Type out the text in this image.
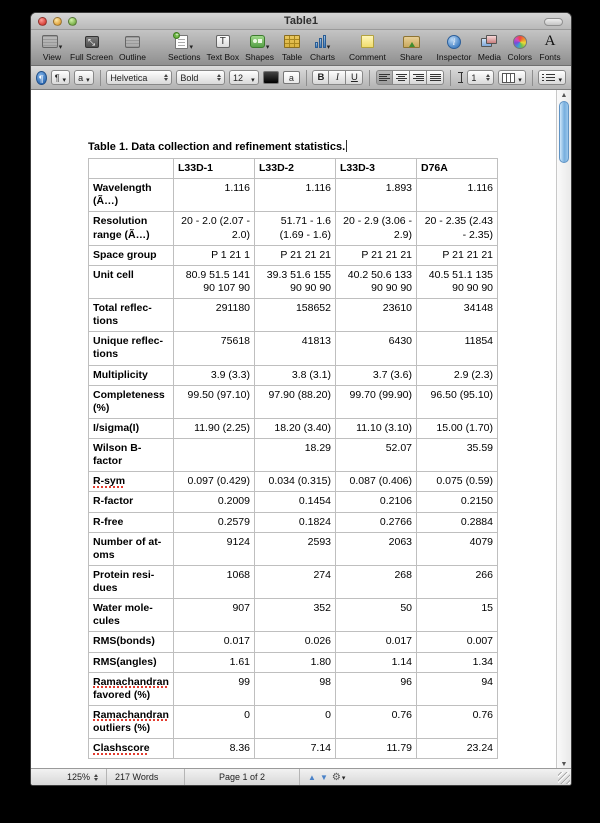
Table1
▾
View
⤡
Full Screen Outline
+
▾
Sections
T
Text Box
▾
Shapes Table
▾
Charts Comment Share
i
Inspector Media Colors
A
Fonts
¶	¶ ▾ a ▾ Helvetica	Bold	12 ▾	a	B	I	U	1	▾	▾
Table 1. Data collection and refinement statistics.
	L33D-1	L33D-2	L33D-3	D76A
Wavelength (Ã…)	1.116	1.116	1.893	1.116
Resolution range (Ã…)	20 - 2.0 (2.07 - 2.0)	51.71 - 1.6 (1.69 - 1.6)	20 - 2.9 (3.06 - 2.9)	20 - 2.35 (2.43 - 2.35)
Space group	P 1 21 1	P 21 21 21	P 21 21 21	P 21 21 21
Unit cell	80.9 51.5 141 90 107 90	39.3 51.6 155 90 90 90	40.2 50.6 133 90 90 90	40.5 51.1 135 90 90 90
Total reflections	291180	158652	23610	34148
Unique reflections	75618	41813	6430	11854
Multiplicity	3.9 (3.3)	3.8 (3.1)	3.7 (3.6)	2.9 (2.3)
Completeness (%)	99.50 (97.10)	97.90 (88.20)	99.70 (99.90)	96.50 (95.10)
I/sigma(I)	11.90 (2.25)	18.20 (3.40)	11.10 (3.10)	15.00 (1.70)
Wilson B-factor		18.29	52.07	35.59
R-sym	0.097 (0.429)	0.034 (0.315)	0.087 (0.406)	0.075 (0.59)
R-factor	0.2009	0.1454	0.2106	0.2150
R-free	0.2579	0.1824	0.2766	0.2884
Number of atoms	9124	2593	2063	4079
Protein residues	1068	274	268	266
Water molecules	907	352	50	15
RMS(bonds)	0.017	0.026	0.017	0.007
RMS(angles)	1.61	1.80	1.14	1.34
Ramachandran favored (%)	99	98	96	94
Ramachandran outliers (%)	0	0	0.76	0.76
Clashscore	8.36	7.14	11.79	23.24
▲
▼
125%	217 Words	Page 1 of 2	▲ ▼ ⚙▾
